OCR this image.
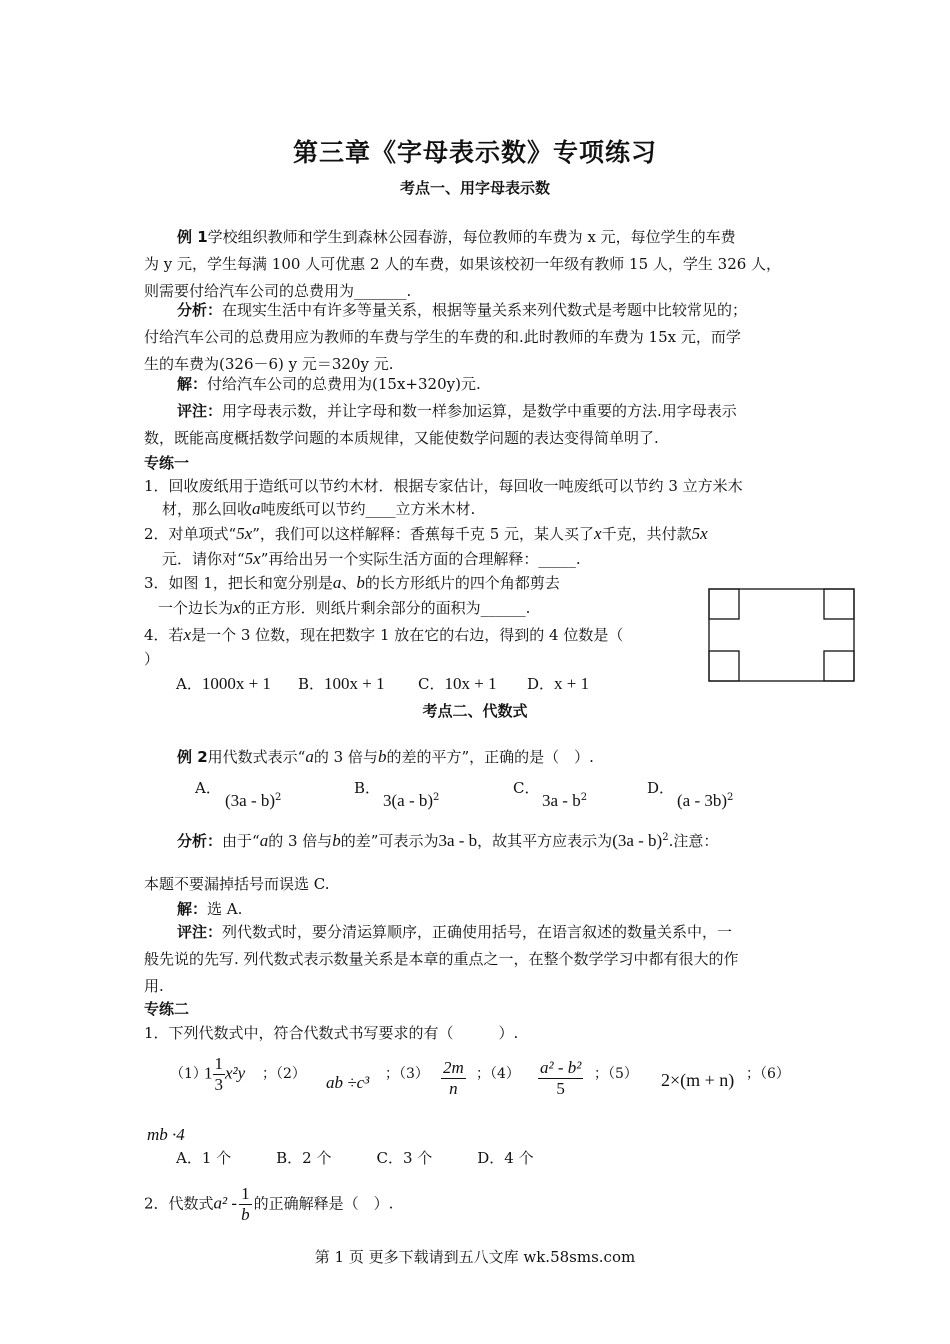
第三章《字母表示数》专项练习
考点一、用字母表示数
例 1学校组织教师和学生到森林公园春游，每位教师的车费为 x 元，每位学生的车费
为 y 元，学生每满 100 人可优惠 2 人的车费，如果该校初一年级有教师 15 人，学生 326 人，
则需要付给汽车公司的总费用为_______.
分析：在现实生活中有许多等量关系，根据等量关系来列代数式是考题中比较常见的；
付给汽车公司的总费用应为教师的车费与学生的车费的和.此时教师的车费为 15x 元，而学
生的车费为(326－6) y 元＝320y 元.
解：付给汽车公司的总费用为(15x+320y)元.
评注：用字母表示数，并让字母和数一样参加运算，是数学中重要的方法.用字母表示
数，既能高度概括数学问题的本质规律，又能使数学问题的表达变得简单明了.
专练一
1．回收废纸用于造纸可以节约木材．根据专家估计，每回收一吨废纸可以节约 3 立方米木
材，那么回收a吨废纸可以节约____立方米木材.
2．对单项式“5x”，我们可以这样解释：香蕉每千克 5 元，某人买了x千克，共付款5x
元．请你对“5x”再给出另一个实际生活方面的合理解释：_____.
3．如图 1，把长和宽分别是a、b的长方形纸片的四个角都剪去
一个边长为x的正方形．则纸片剩余部分的面积为______.
4．若x是一个 3 位数，现在把数字 1 放在它的右边，得到的 4 位数是（
）
A．1000x + 1 B．100x + 1 C．10x + 1 D．x + 1
考点二、代数式
例 2用代数式表示“a的 3 倍与b的差的平方”，正确的是（　）.
A．
(3a - b)$^2$
B．
3(a - b)$^2$
C．
$3a - b^2$
D．
(a - 3b)$^2$
分析：由于“a的 3 倍与b的差”可表示为3a - b，故其平方应表示为(3a - b)$^2$.注意：
本题不要漏掉括号而误选 C.
解：选 A.
评注：列代数式时，要分清运算顺序，正确使用括号，在语言叙述的数量关系中，一
般先说的先写. 列代数式表示数量关系是本章的重点之一，在整个数学学习中都有很大的作
用.
专练二
1．下列代数式中，符合代数式书写要求的有（　　　）.
（1）
$1 \frac{1}{3} x^2y$ ；（2） ab ÷c³ ；$(3) \frac{2m}{n}$ ；$(4) \frac{\text{a² - b²}}{5}$ ；（5） 2×(m + n) ；（6）
mb ·4
A．1 个　　　B．2 个　　　C．3 个　　　D．4 个
2．代数式$a^2 - \frac{1}{b}$ 的正确解释是（　）.
第 1 页 更多下载请到五八文库 wk.58sms.com
